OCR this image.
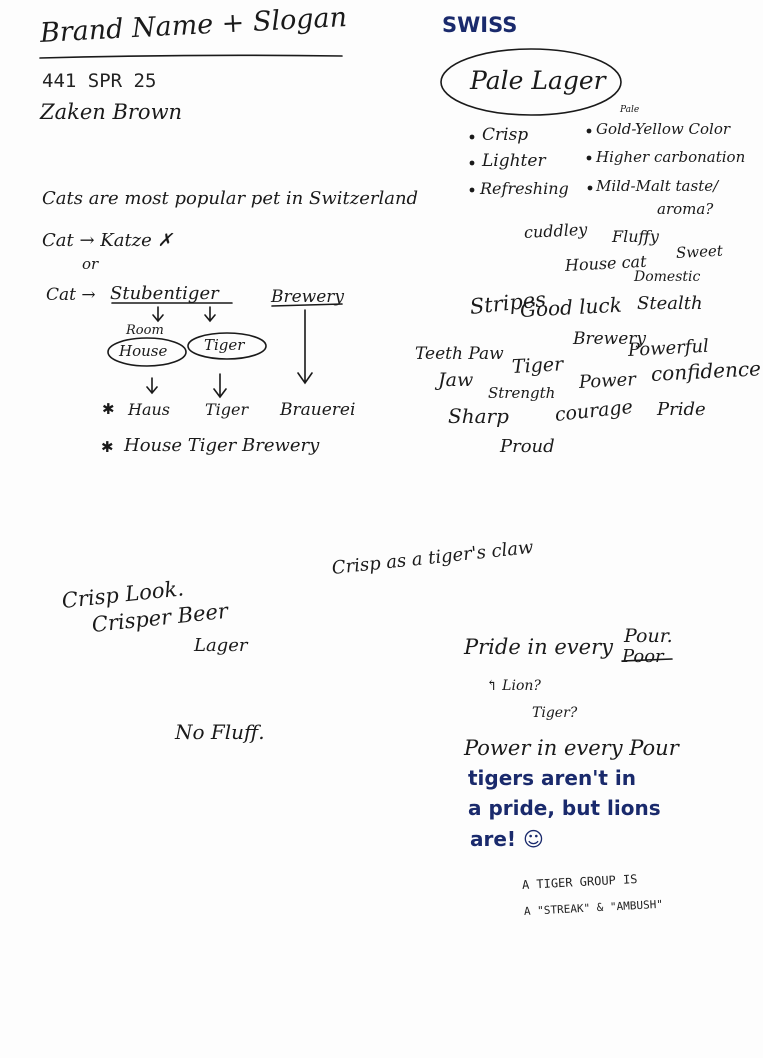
Brand Name + Slogan
441 SPR 25
Zaken Brown
SWISS
Pale Lager
Pale
Crisp
Lighter
Refreshing
Gold-Yellow Color
Higher carbonation
Mild-Malt taste/
aroma?
Cats are most popular pet in Switzerland
Cat → Katze ✗
or
Cat → Stubentiger	Brewery
Room
House Tiger
✱ Haus Tiger Brauerei
✱ House Tiger Brewery
cuddley Fluffy
Sweet
House cat
Domestic
Stripes
Good luck Stealth
Teeth Paw
Brewery
Tiger
Powerful
Jaw
Strength
Power confidence
Sharp courage Pride
Proud
Crisp as a tiger's claw
Crisp Look.
Crisper Beer
Lager
No Fluff.
Pride in every Poor
Pour.
↰ Lion?
Tiger?
Power in every Pour
tigers aren't in
a pride, but lions
are! ☺
A TIGER GROUP IS
A "STREAK" & "AMBUSH"
